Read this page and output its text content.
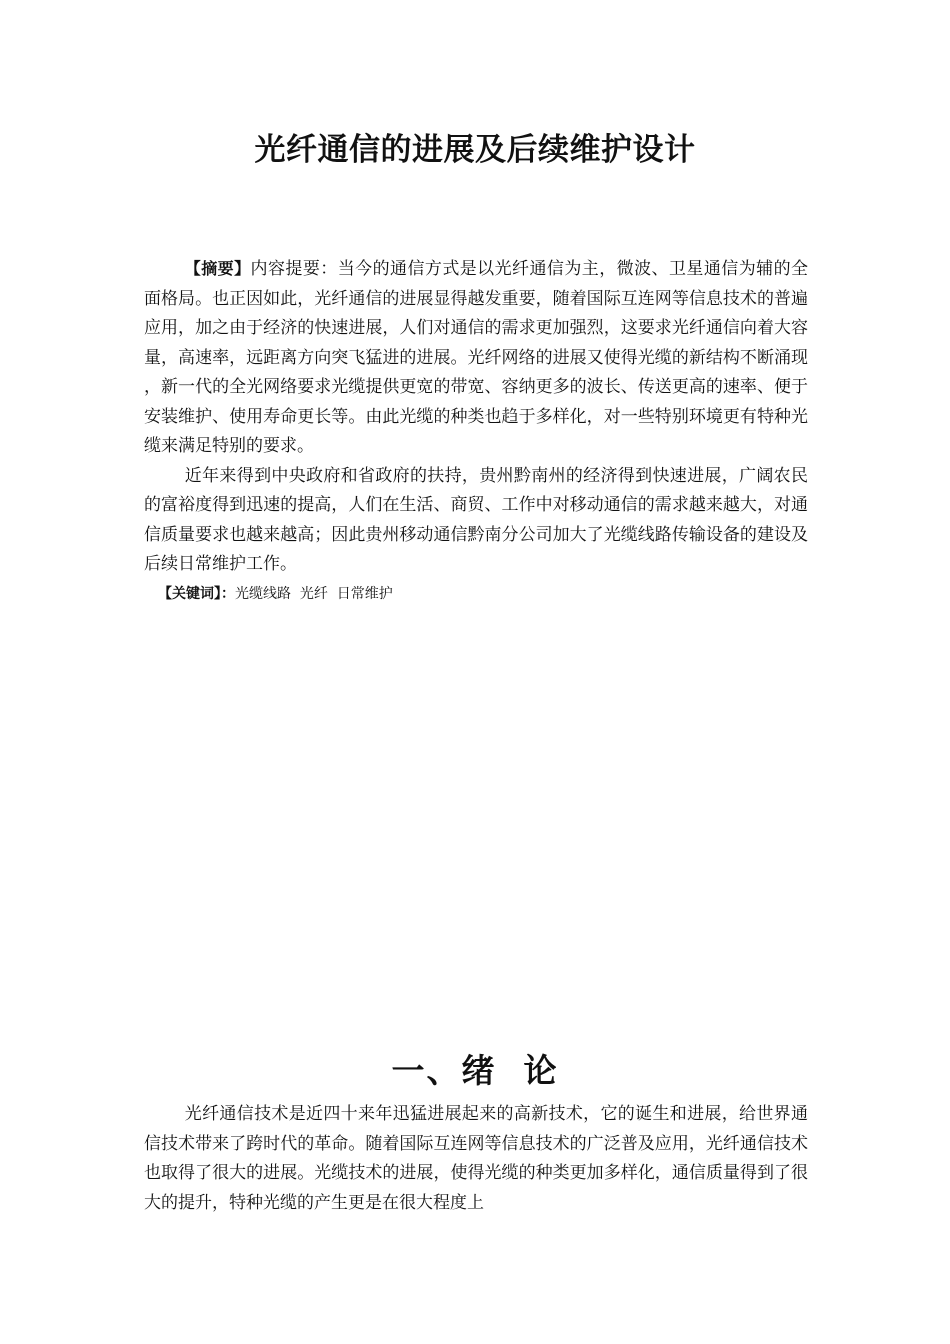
光纤通信的进展及后续维护设计

【摘要】内容提要：当今的通信方式是以光纤通信为主，微波、卫星通信为辅的全面格局。也正因如此，光纤通信的进展显得越发重要，随着国际互连网等信息技术的普遍应用，加之由于经济的快速进展，人们对通信的需求更加强烈，这要求光纤通信向着大容量，高速率，远距离方向突飞猛进的进展。光纤网络的进展又使得光缆的新结构不断涌现 ，新一代的全光网络要求光缆提供更宽的带宽、容纳更多的波长、传送更高的速率、便于安装维护、使用寿命更长等。由此光缆的种类也趋于多样化，对一些特别环境更有特种光缆来满足特别的要求。

近年来得到中央政府和省政府的扶持，贵州黔南州的经济得到快速进展，广阔农民的富裕度得到迅速的提高，人们在生活、商贸、工作中对移动通信的需求越来越大，对通信质量要求也越来越高；因此贵州移动通信黔南分公司加大了光缆线路传输设备的建设及后续日常维护工作。

【关键词】：光缆线路  光纤  日常维护

一、绪  论

光纤通信技术是近四十来年迅猛进展起来的高新技术，它的诞生和进展，给世界通信技术带来了跨时代的革命。随着国际互连网等信息技术的广泛普及应用，光纤通信技术也取得了很大的进展。光缆技术的进展，使得光缆的种类更加多样化，通信质量得到了很大的提升，特种光缆的产生更是在很大程度上
